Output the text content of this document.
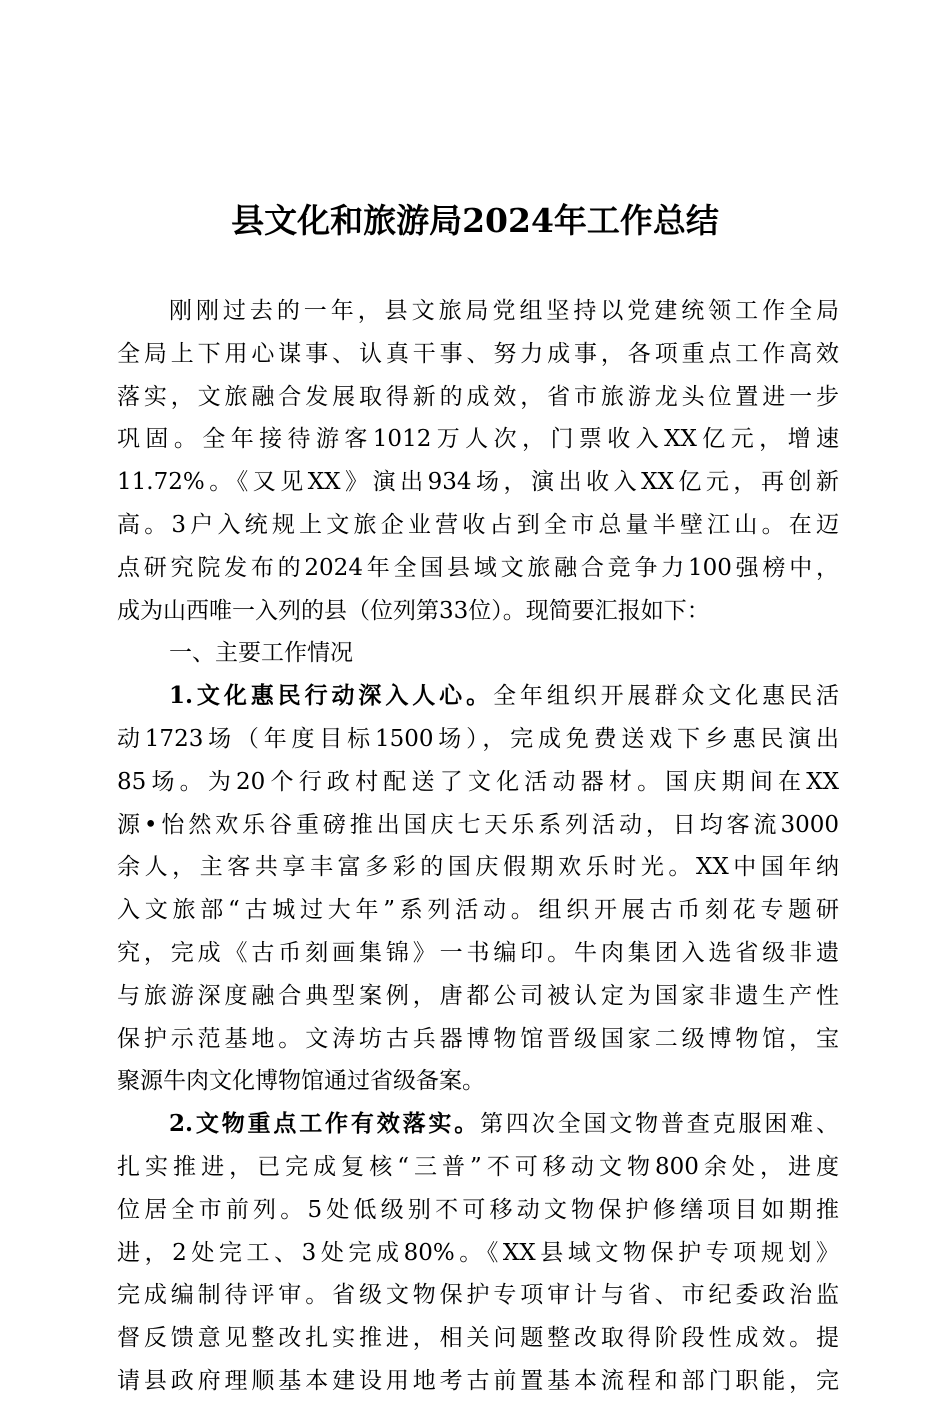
县文化和旅游局2024年工作总结
刚刚过去的一年，县文旅局党组坚持以党建统领工作全局
全局上下用心谋事、认真干事、努力成事，各项重点工作高效
落实，文旅融合发展取得新的成效，省市旅游龙头位置进一步
巩固。全年接待游客1012万人次，门票收入XX亿元，增速
11.72%。《又见XX》演出934场，演出收入XX亿元，再创新
高。3户入统规上文旅企业营收占到全市总量半壁江山。在迈
点研究院发布的2024年全国县域文旅融合竞争力100强榜中，
成为山西唯一入列的县（位列第33位）。现简要汇报如下：
一、主要工作情况
1.文化惠民行动深入人心。全年组织开展群众文化惠民活
动1723场（年度目标1500场），完成免费送戏下乡惠民演出
85场。为20个行政村配送了文化活动器材。国庆期间在XX
源•怡然欢乐谷重磅推出国庆七天乐系列活动，日均客流3000
余人，主客共享丰富多彩的国庆假期欢乐时光。XX中国年纳
入文旅部“古城过大年”系列活动。组织开展古币刻花专题研
究，完成《古币刻画集锦》一书编印。牛肉集团入选省级非遗
与旅游深度融合典型案例，唐都公司被认定为国家非遗生产性
保护示范基地。文涛坊古兵器博物馆晋级国家二级博物馆，宝
聚源牛肉文化博物馆通过省级备案。
2.文物重点工作有效落实。第四次全国文物普查克服困难、
扎实推进，已完成复核“三普”不可移动文物800余处，进度
位居全市前列。5处低级别不可移动文物保护修缮项目如期推
进，2处完工、3处完成80%。《XX县域文物保护专项规划》
完成编制待评审。省级文物保护专项审计与省、市纪委政治监
督反馈意见整改扎实推进，相关问题整改取得阶段性成效。提
请县政府理顺基本建设用地考古前置基本流程和部门职能，完
